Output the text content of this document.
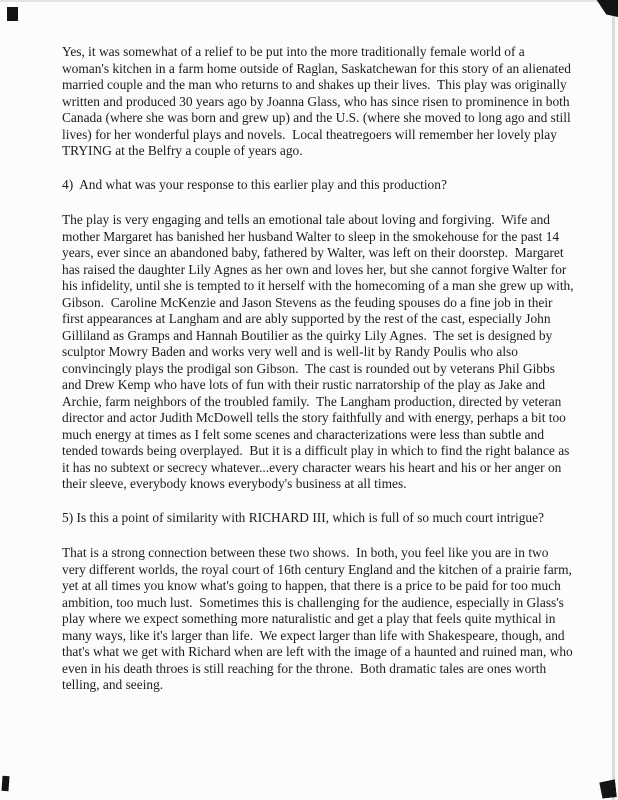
Yes, it was somewhat of a relief to be put into the more traditionally female world of a woman's kitchen in a farm home outside of Raglan, Saskatchewan for this story of an alienated married couple and the man who returns to and shakes up their lives.  This play was originally written and produced 30 years ago by Joanna Glass, who has since risen to prominence in both Canada (where she was born and grew up) and the U.S. (where she moved to long ago and still lives) for her wonderful plays and novels.  Local theatregoers will remember her lovely play TRYING at the Belfry a couple of years ago.

4)  And what was your response to this earlier play and this production?

The play is very engaging and tells an emotional tale about loving and forgiving.  Wife and mother Margaret has banished her husband Walter to sleep in the smokehouse for the past 14 years, ever since an abandoned baby, fathered by Walter, was left on their doorstep.  Margaret has raised the daughter Lily Agnes as her own and loves her, but she cannot forgive Walter for his infidelity, until she is tempted to it herself with the homecoming of a man she grew up with, Gibson.  Caroline McKenzie and Jason Stevens as the feuding spouses do a fine job in their first appearances at Langham and are ably supported by the rest of the cast, especially John Gilliland as Gramps and Hannah Boutilier as the quirky Lily Agnes.  The set is designed by sculptor Mowry Baden and works very well and is well-lit by Randy Poulis who also convincingly plays the prodigal son Gibson.  The cast is rounded out by veterans Phil Gibbs and Drew Kemp who have lots of fun with their rustic narratorship of the play as Jake and Archie, farm neighbors of the troubled family.  The Langham production, directed by veteran director and actor Judith McDowell tells the story faithfully and with energy, perhaps a bit too much energy at times as I felt some scenes and characterizations were less than subtle and tended towards being overplayed.  But it is a difficult play in which to find the right balance as it has no subtext or secrecy whatever...every character wears his heart and his or her anger on their sleeve, everybody knows everybody's business at all times.

5) Is this a point of similarity with RICHARD III, which is full of so much court intrigue?

That is a strong connection between these two shows.  In both, you feel like you are in two very different worlds, the royal court of 16th century England and the kitchen of a prairie farm, yet at all times you know what's going to happen, that there is a price to be paid for too much ambition, too much lust.  Sometimes this is challenging for the audience, especially in Glass's play where we expect something more naturalistic and get a play that feels quite mythical in many ways, like it's larger than life.  We expect larger than life with Shakespeare, though, and that's what we get with Richard when are left with the image of a haunted and ruined man, who even in his death throes is still reaching for the throne.  Both dramatic tales are ones worth telling, and seeing.
